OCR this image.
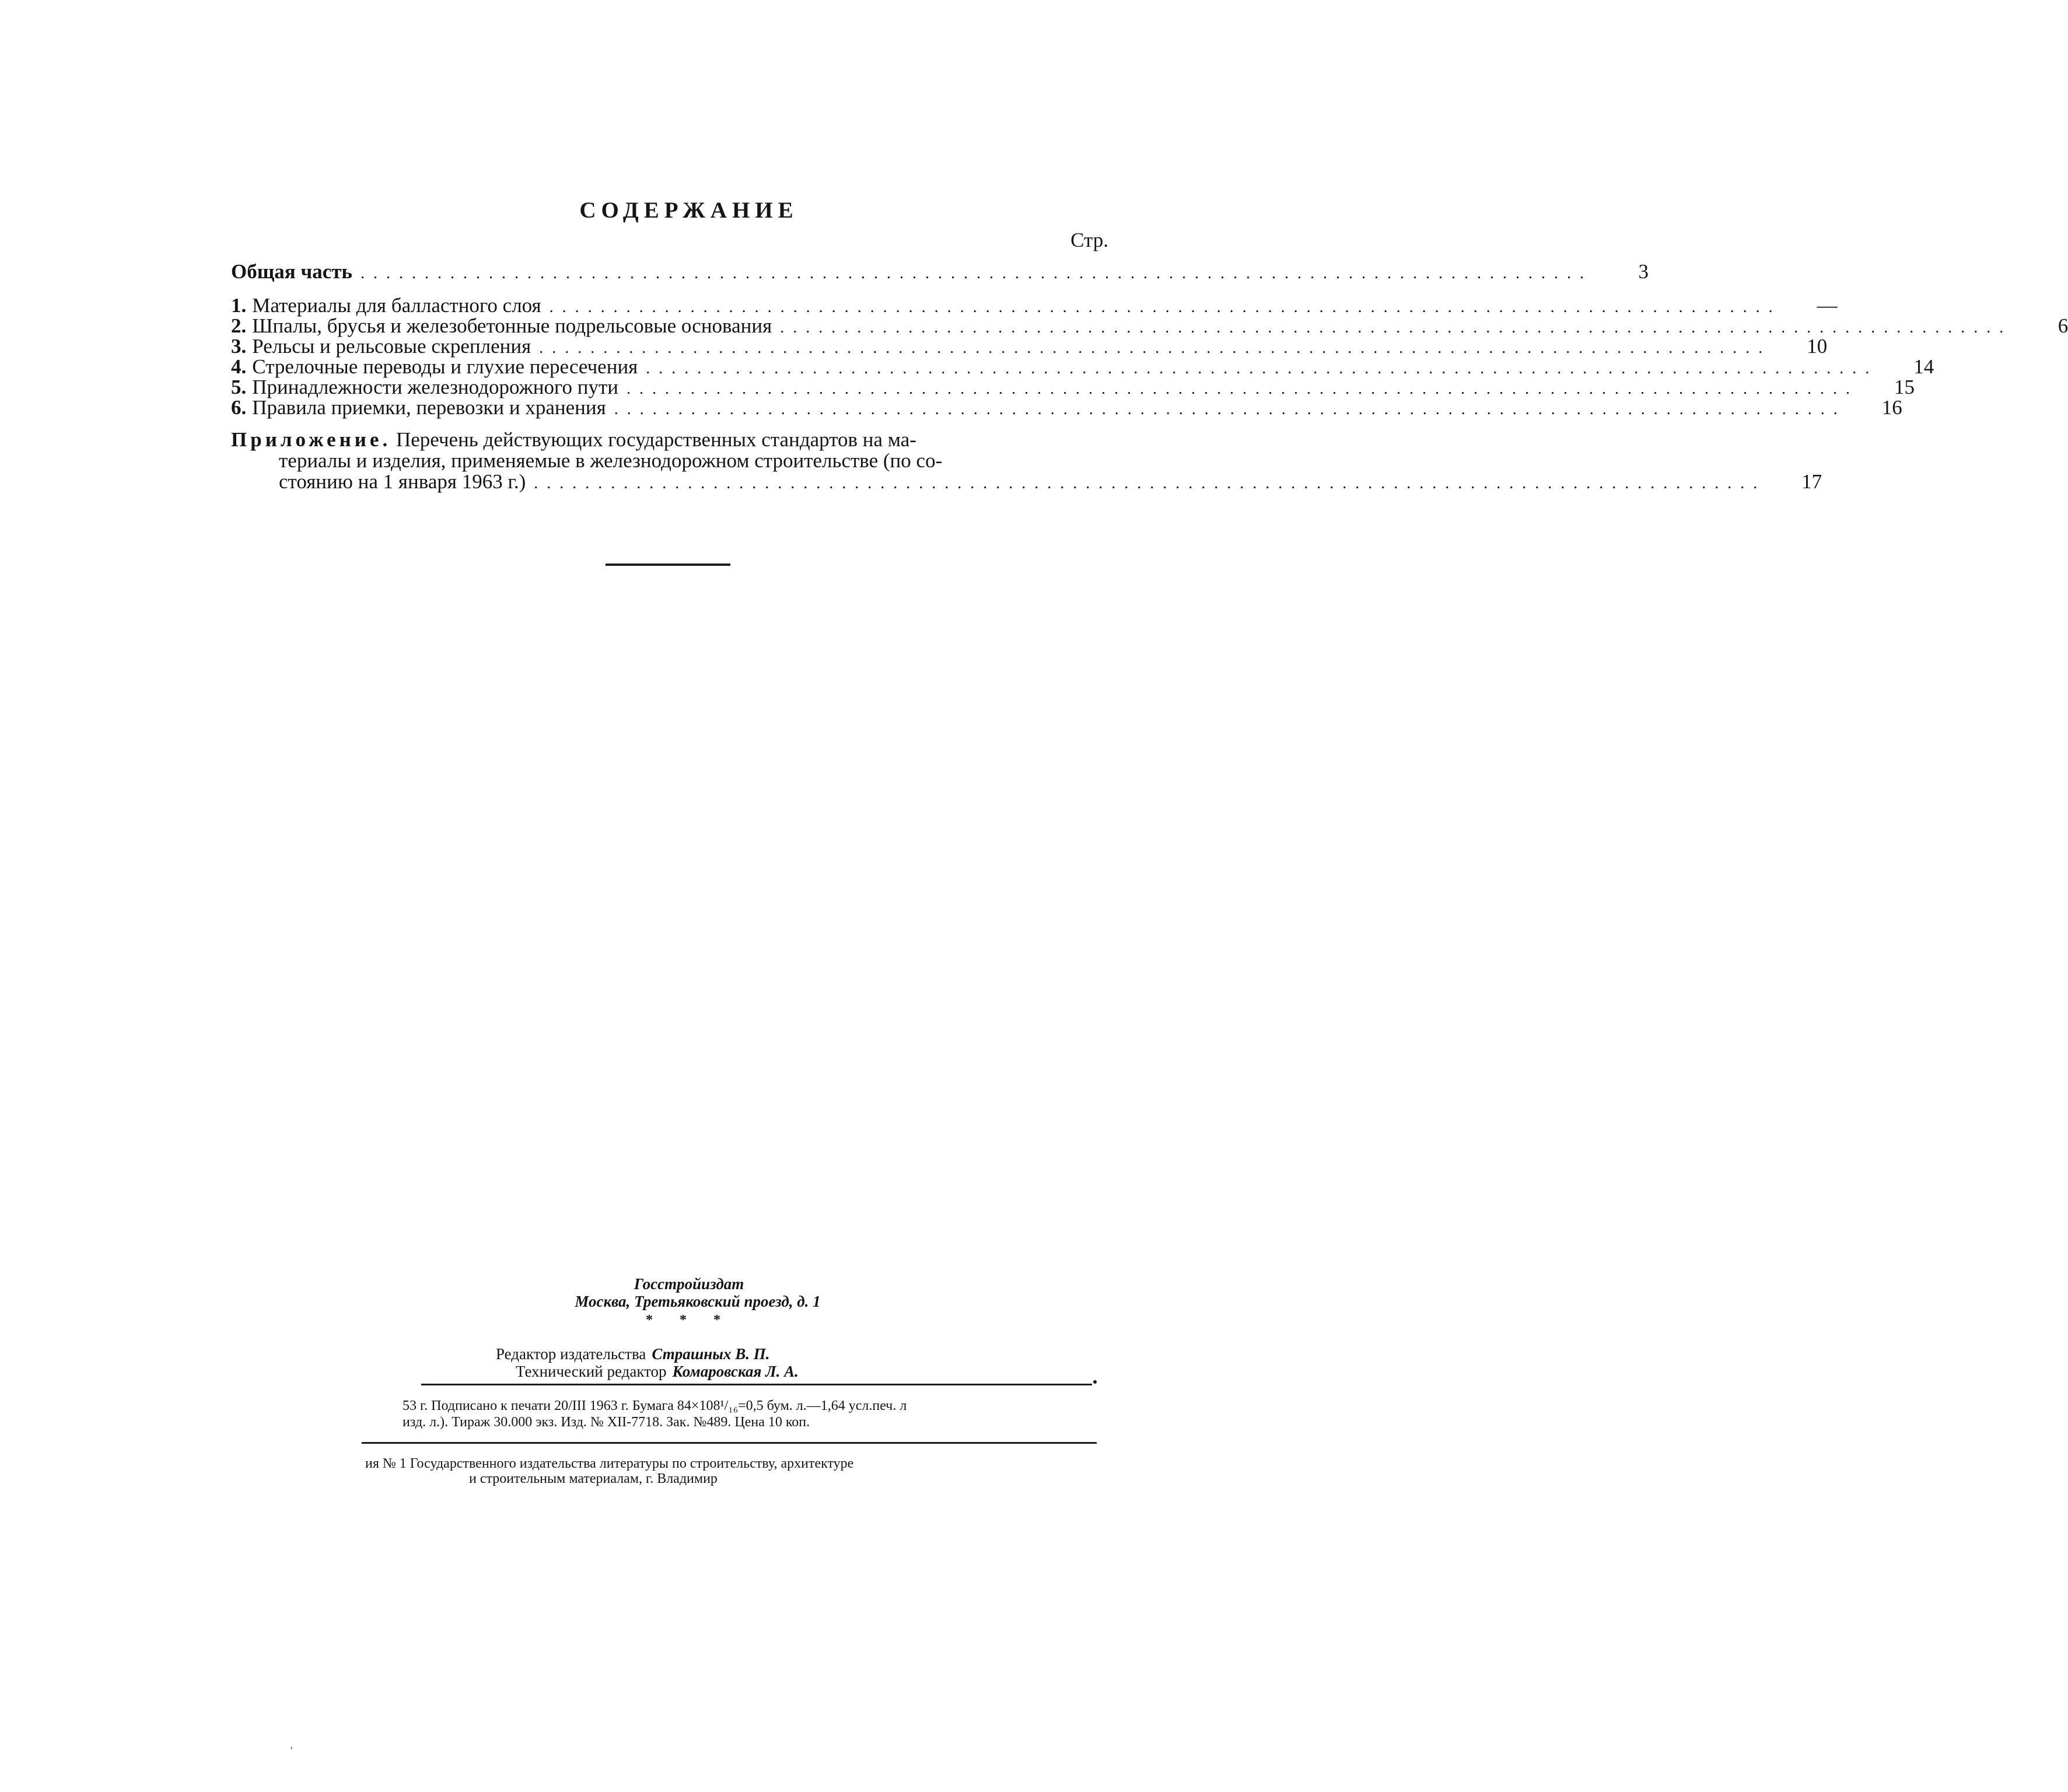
СОДЕРЖАНИЕ
Стр.
Общая часть ................................................................................................	3
1. Материалы для балластного слоя ................................................................................................	—
2. Шпалы, брусья и железобетонные подрельсовые основания ................................................................................................	6
3. Рельсы и рельсовые скрепления ................................................................................................	10
4. Стрелочные переводы и глухие пересечения ................................................................................................	14
5. Принадлежности железнодорожного пути ................................................................................................	15
6. Правила приемки, перевозки и хранения ................................................................................................	16
Приложение. Перечень действующих государственных стандартов на ма-
териалы и изделия, применяемые в железнодорожном строительстве (по со-
стоянию на 1 января 1963 г.) ................................................................................................	17
Госстройиздат
Москва, Третьяковский проезд, д. 1
* * *
Редактор издательства Страшных В. П.
Технический редактор Комаровская Л. А.
53 г. Подписано к печати 20/III 1963 г. Бумага 84×108¹/₁₆=0,5 бум. л.—1,64 усл.печ. л
изд. л.). Тираж 30.000 экз. Изд. № XII-7718. Зак. №489. Цена 10 коп.
ия № 1 Государственного издательства литературы по строительству, архитектуре
и строительным материалам, г. Владимир
'
